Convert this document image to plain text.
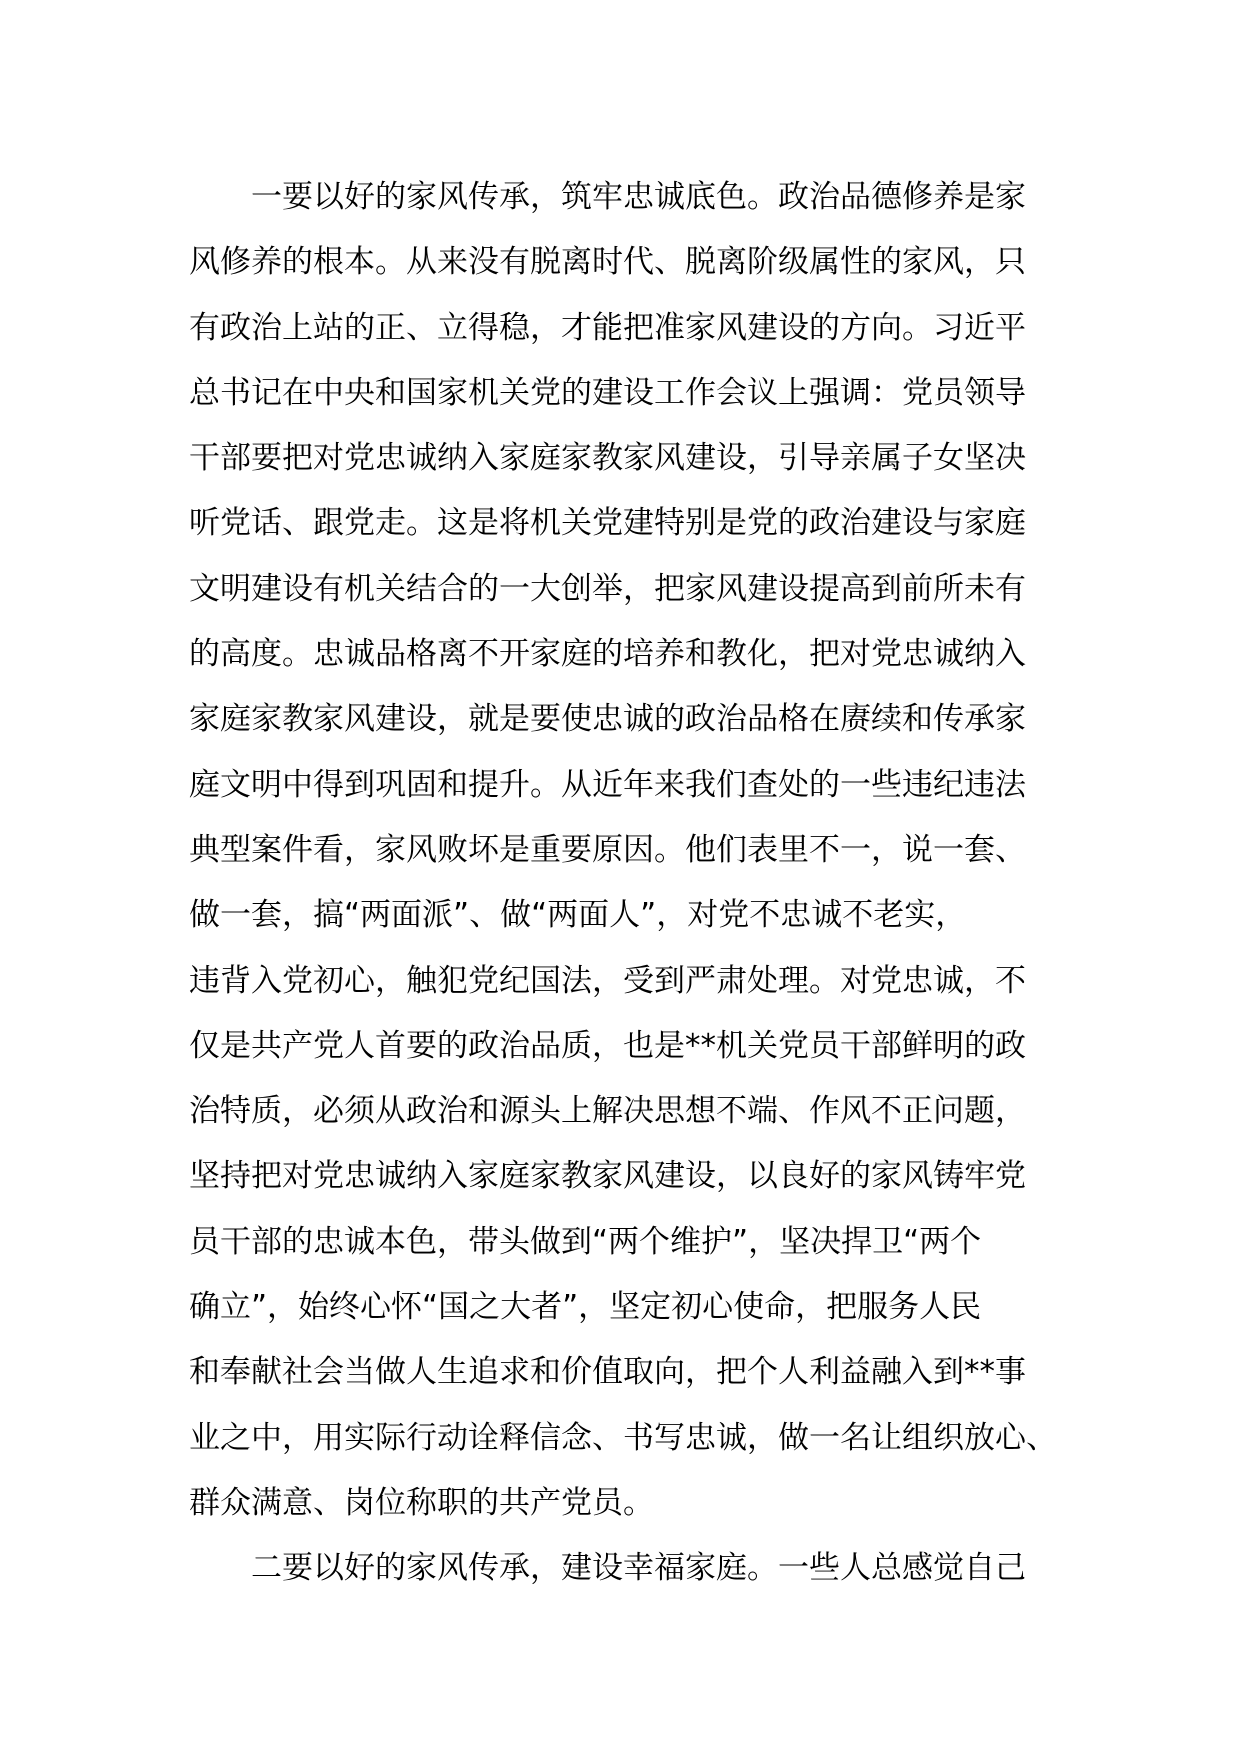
一要以好的家风传承，筑牢忠诚底色。政治品德修养是家
风修养的根本。从来没有脱离时代、脱离阶级属性的家风，只
有政治上站的正、立得稳，才能把准家风建设的方向。习近平
总书记在中央和国家机关党的建设工作会议上强调：党员领导
干部要把对党忠诚纳入家庭家教家风建设，引导亲属子女坚决
听党话、跟党走。这是将机关党建特别是党的政治建设与家庭
文明建设有机关结合的一大创举，把家风建设提高到前所未有
的高度。忠诚品格离不开家庭的培养和教化，把对党忠诚纳入
家庭家教家风建设，就是要使忠诚的政治品格在赓续和传承家
庭文明中得到巩固和提升。从近年来我们查处的一些违纪违法
典型案件看，家风败坏是重要原因。他们表里不一，说一套、
做一套，搞“两面派”、做“两面人”，对党不忠诚不老实，
违背入党初心，触犯党纪国法，受到严肃处理。对党忠诚，不
仅是共产党人首要的政治品质，也是**机关党员干部鲜明的政
治特质，必须从政治和源头上解决思想不端、作风不正问题，
坚持把对党忠诚纳入家庭家教家风建设，以良好的家风铸牢党
员干部的忠诚本色，带头做到“两个维护”，坚决捍卫“两个
确立”，始终心怀“国之大者”，坚定初心使命，把服务人民
和奉献社会当做人生追求和价值取向，把个人利益融入到**事
业之中，用实际行动诠释信念、书写忠诚，做一名让组织放心、
群众满意、岗位称职的共产党员。
二要以好的家风传承，建设幸福家庭。一些人总感觉自己
